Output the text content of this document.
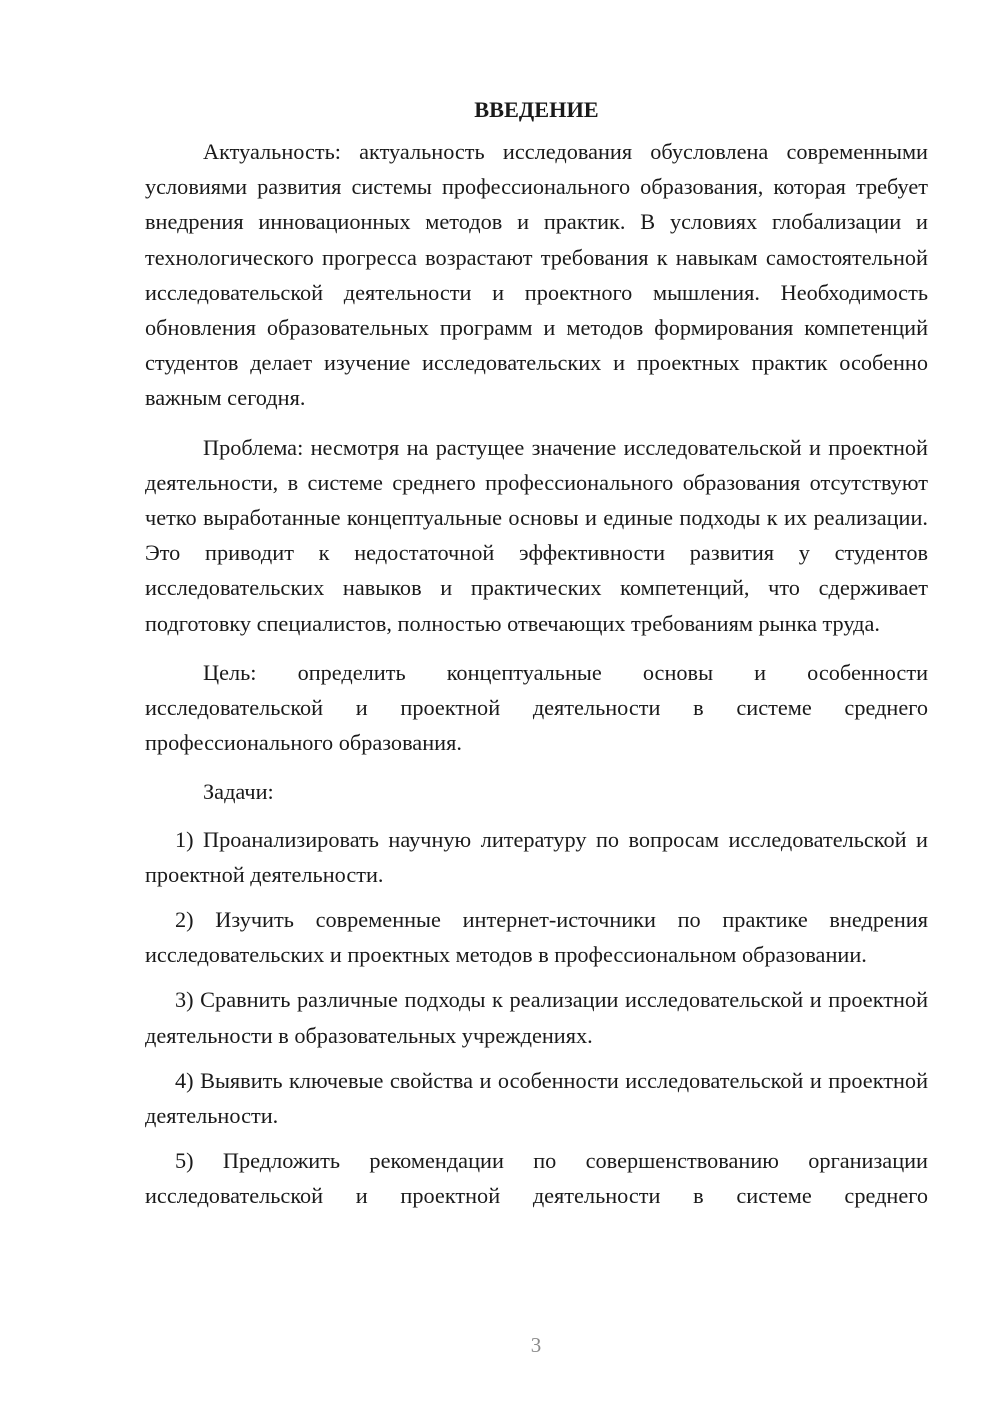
ВВЕДЕНИЕ

Актуальность: актуальность исследования обусловлена современными условиями развития системы профессионального образования, которая требует внедрения инновационных методов и практик. В условиях глобализации и технологического прогресса возрастают требования к навыкам самостоятельной исследовательской деятельности и проектного мышления. Необходимость обновления образовательных программ и методов формирования компетенций студентов делает изучение исследовательских и проектных практик особенно важным сегодня.

Проблема: несмотря на растущее значение исследовательской и проектной деятельности, в системе среднего профессионального образования отсутствуют четко выработанные концептуальные основы и единые подходы к их реализации. Это приводит к недостаточной эффективности развития у студентов исследовательских навыков и практических компетенций, что сдерживает подготовку специалистов, полностью отвечающих требованиям рынка труда.

Цель: определить концептуальные основы и особенности исследовательской и проектной деятельности в системе среднего профессионального образования.

Задачи:

1) Проанализировать научную литературу по вопросам исследовательской и проектной деятельности.

2) Изучить современные интернет-источники по практике внедрения исследовательских и проектных методов в профессиональном образовании.

3) Сравнить различные подходы к реализации исследовательской и проектной деятельности в образовательных учреждениях.

4) Выявить ключевые свойства и особенности исследовательской и проектной деятельности.

5) Предложить рекомендации по совершенствованию организации исследовательской и проектной деятельности в системе среднего

3
